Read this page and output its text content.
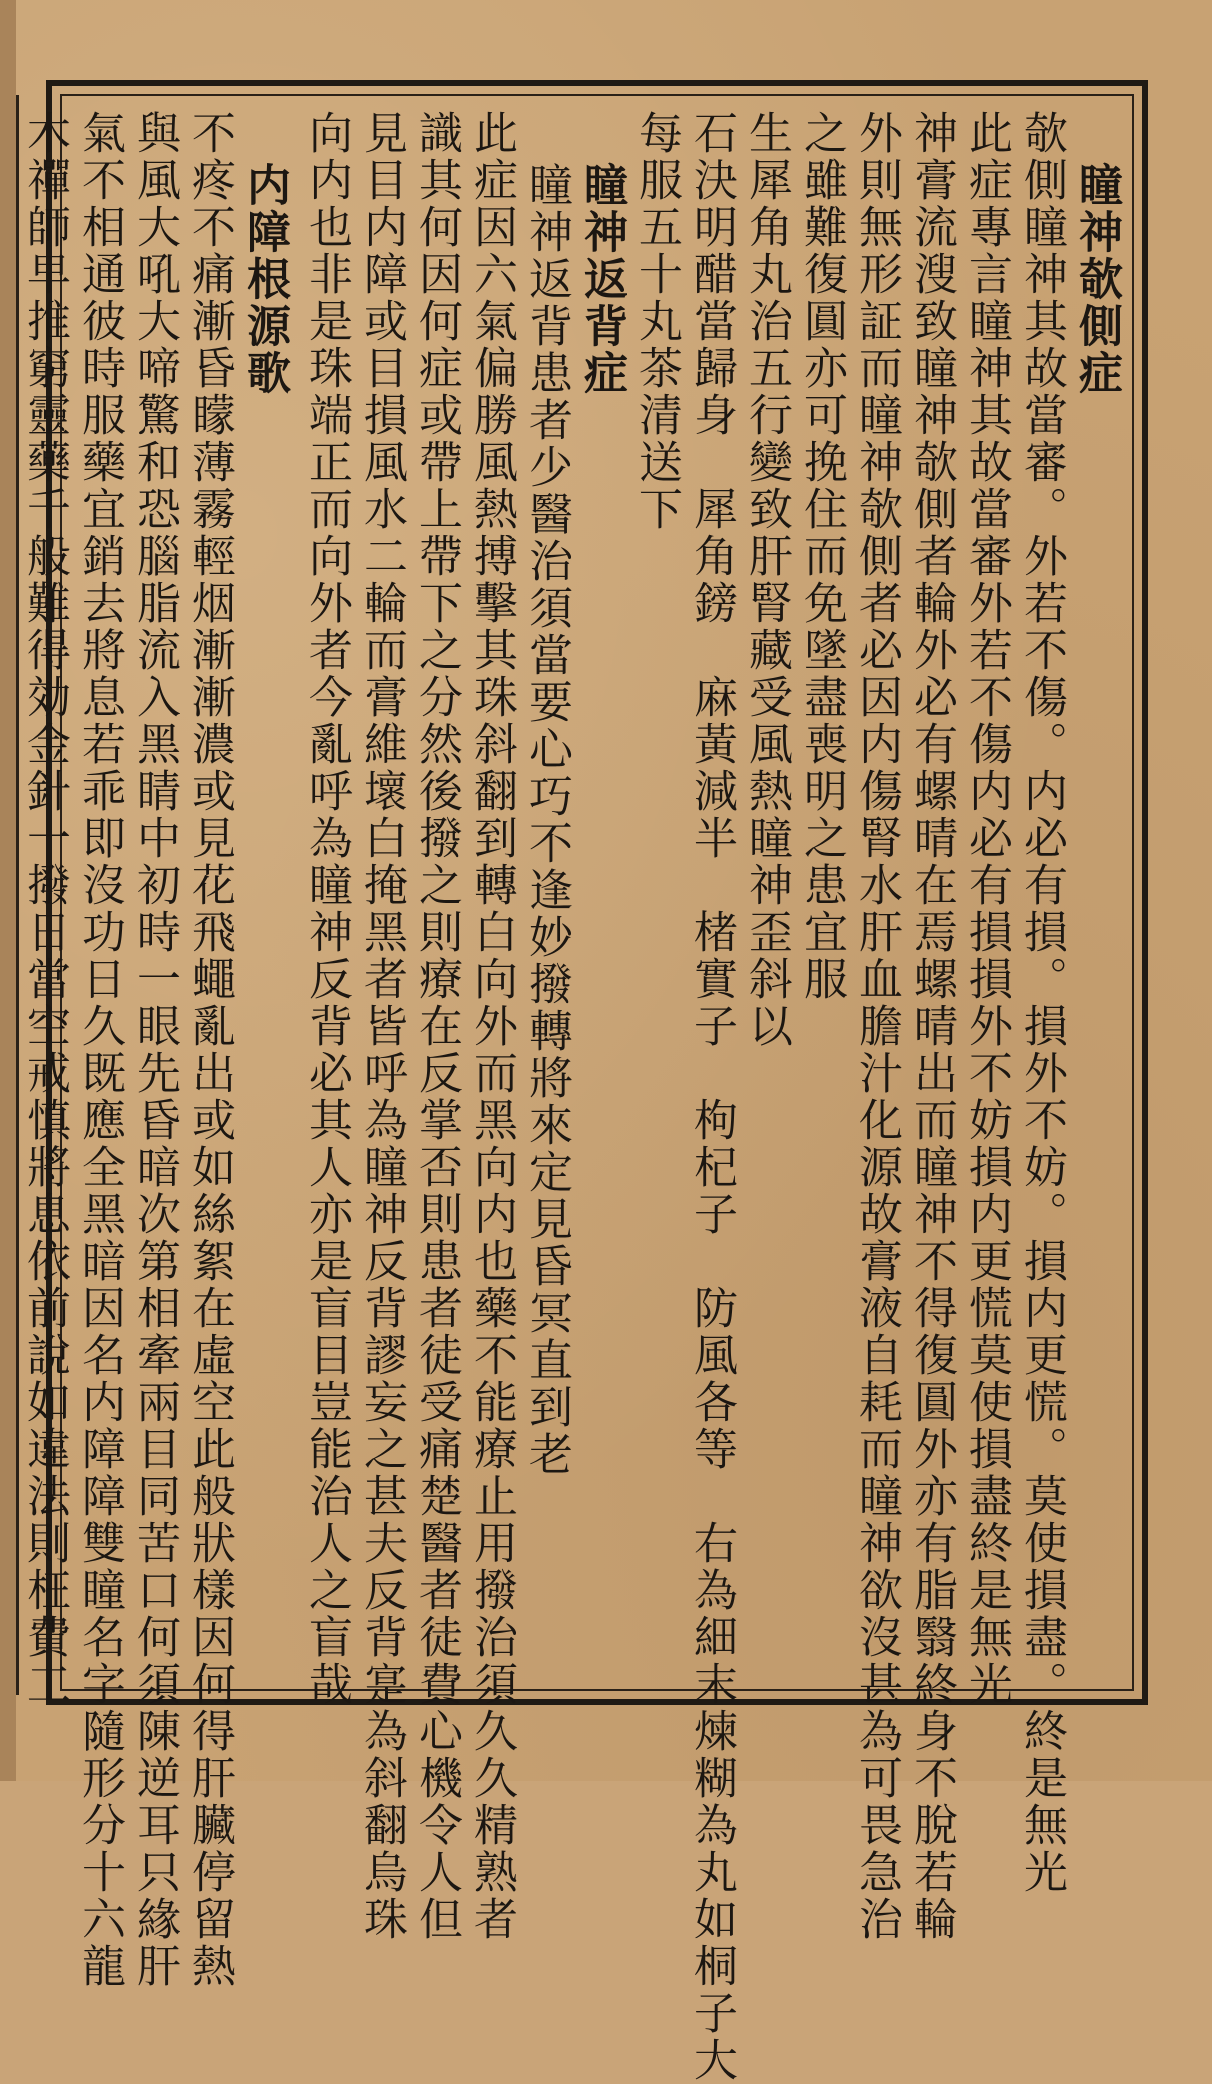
瞳神欹側症
欹側瞳神其故當審。外若不傷。内必有損。損外不妨。損内更慌。莫使損盡。終是無光
此症專言瞳神其故當審外若不傷内必有損損外不妨損内更慌莫使損盡終是無光
神膏流溲致瞳神欹側者輪外必有螺晴在焉螺晴出而瞳神不得復圓外亦有脂翳終身不脫若輪
外則無形証而瞳神欹側者必因内傷腎水肝血膽汁化源故膏液自耗而瞳神欲沒甚為可畏急治
之雖難復圓亦可挽住而免墜盡喪明之患宜服
生犀角丸治五行變致肝腎藏受風熱瞳神歪斜以
石決明醋當歸身　犀角鎊　麻黃減半　楮實子　枸杞子　防風各等　右為細末煉糊為丸如桐子大
每服五十丸茶清送下
瞳神返背症
瞳神返背患者少醫治須當要心巧不逢妙撥轉將來定見昏冥直到老
此症因六氣偏勝風熱搏擊其珠斜翻到轉白向外而黑向内也藥不能療止用撥治須久久精熟者
識其何因何症或帶上帶下之分然後撥之則療在反掌否則患者徒受痛楚醫者徒費心機令人但
見目内障或目損風水二輪而膏維壞白掩黑者皆呼為瞳神反背謬妄之甚夫反背寔為斜翻烏珠
向内也非是珠端正而向外者今亂呼為瞳神反背必其人亦是盲目豈能治人之盲哉
内障根源歌
不疼不痛漸昏矇薄霧輕烟漸漸濃或見花飛蠅亂出或如絲絮在虛空此般狀樣因何得肝臟停留熱
與風大吼大啼驚和恐腦脂流入黑睛中初時一眼先昏暗次第相牽兩目同苦口何須陳逆耳只緣肝
氣不相通彼時服藥宜銷去將息若乖即沒功日久既應全黑暗因名内障障雙瞳名字隨形分十六龍
木禪師早推窮靈藥千般難得効金針一撥日當空戒慎將息依前說如違法則枉費工
